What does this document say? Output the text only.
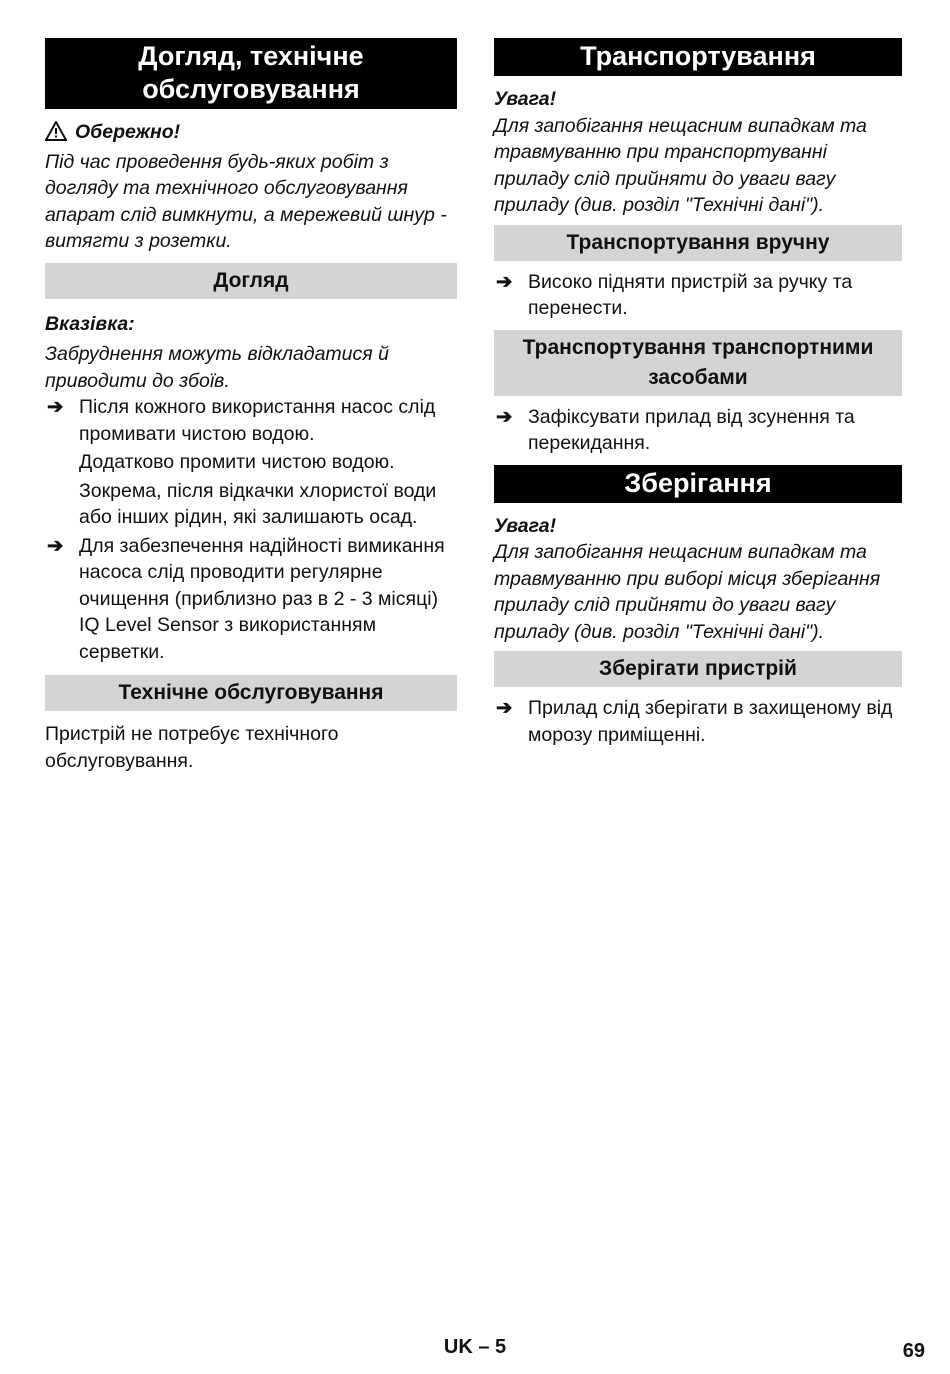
Догляд, технічне обслуговування

Обережно!

Під час проведення будь-яких робіт з догляду та технічного обслуговування апарат слід вимкнути, а мережевий шнур - витягти з розетки.

Догляд

Вказівка:

Забруднення можуть відкладатися й приводити до збоїв.

➔ Після кожного використання насос слід промивати чистою водою.

Додатково промити чистою водою.

Зокрема, після відкачки хлористої води або інших рідин, які залишають осад.

➔ Для забезпечення надійності вимикання насоса слід проводити регулярне очищення (приблизно раз в 2 - 3 місяці) IQ Level Sensor з використанням серветки.

Технічне обслуговування

Пристрій не потребує технічного обслуговування.

Транспортування

Увага!

Для запобігання нещасним випадкам та травмуванню при транспортуванні приладу слід прийняти до уваги вагу приладу (див. розділ "Технічні дані").

Транспортування вручну

➔ Високо підняти пристрій за ручку та перенести.

Транспортування транспортними засобами

➔ Зафіксувати прилад від зсунення та перекидання.

Зберігання

Увага!

Для запобігання нещасним випадкам та травмуванню при виборі місця зберігання приладу слід прийняти до уваги вагу приладу (див. розділ "Технічні дані").

Зберігати пристрій

➔ Прилад слід зберігати в захищеному від морозу приміщенні.

UK – 5	69
